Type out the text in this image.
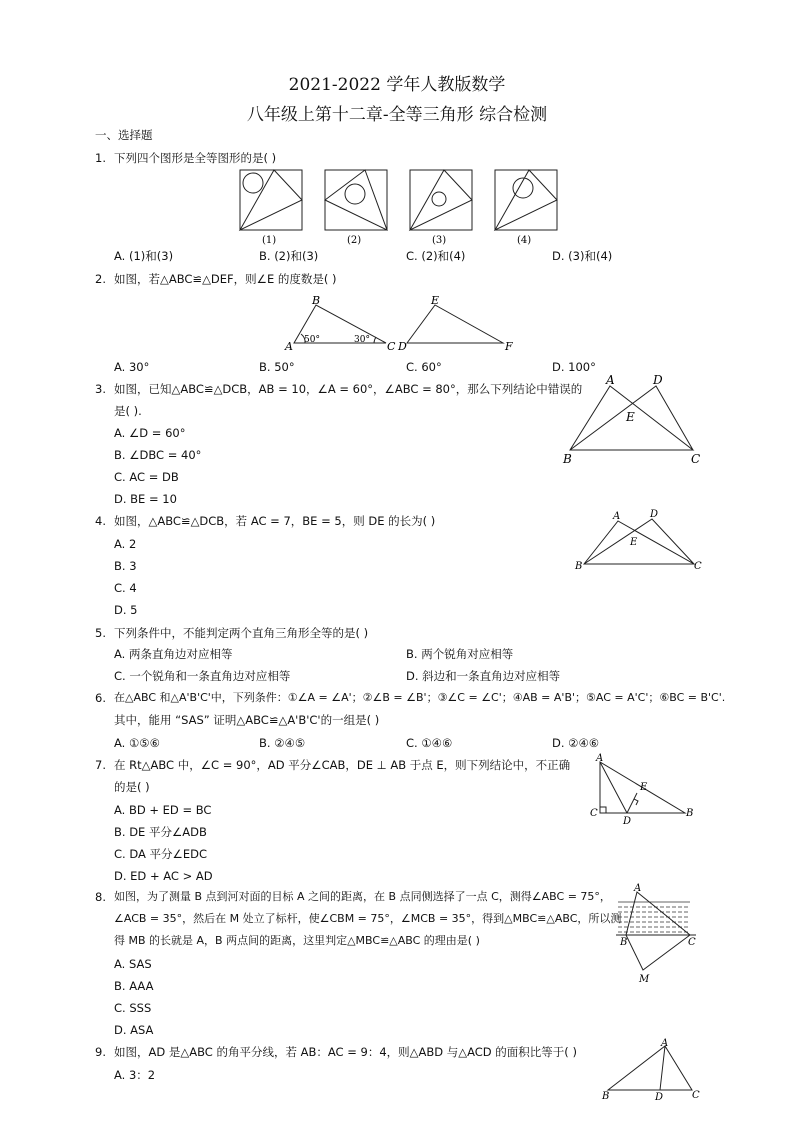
2021-2022 学年人教版数学
八年级上第十二章-全等三角形 综合检测
一、选择题
1. 下列四个图形是全等图形的是( )
(1)	(2)	(3)	(4)
A. (1)和(3)	B. (2)和(3)	C. (2)和(4)	D. (3)和(4)
2. 如图，若△ABC≌△DEF，则∠E 的度数是( )
B
A	C
50°	30°
E
D	F
A. 30°	B. 50°	C. 60°	D. 100°
3. 如图，已知△ABC≌△DCB，AB = 10，∠A = 60°，∠ABC = 80°，那么下列结论中错误的
是( ).
A. ∠D = 60°
B. ∠DBC = 40°
C. AC = DB
D. BE = 10
A	D
E
B	C
4. 如图，△ABC≌△DCB，若 AC = 7，BE = 5，则 DE 的长为( )
A. 2
B. 3
C. 4
D. 5
A	D
E
B	C
5. 下列条件中，不能判定两个直角三角形全等的是( )
A. 两条直角边对应相等	B. 两个锐角对应相等
C. 一个锐角和一条直角边对应相等	D. 斜边和一条直角边对应相等
6. 在△ABC 和△A'B'C'中，下列条件：①∠A = ∠A'；②∠B = ∠B'；③∠C = ∠C'；④AB = A'B'；⑤AC = A'C'；⑥BC = B'C'.
其中，能用 “SAS” 证明△ABC≌△A'B'C'的一组是( )
A. ①⑤⑥	B. ②④⑤	C. ①④⑥	D. ②④⑥
7. 在 Rt△ABC 中，∠C = 90°，AD 平分∠CAB，DE ⊥ AB 于点 E，则下列结论中，不正确
的是( )
A. BD + ED = BC
B. DE 平分∠ADB
C. DA 平分∠EDC
D. ED + AC > AD
A
E
C
D
B
8. 如图，为了测量 B 点到河对面的目标 A 之间的距离，在 B 点同侧选择了一点 C，测得∠ABC = 75°，
∠ACB = 35°，然后在 M 处立了标杆，使∠CBM = 75°，∠MCB = 35°，得到△MBC≌△ABC，所以测
得 MB 的长就是 A，B 两点间的距离，这里判定△MBC≌△ABC 的理由是( )
A. SAS
B. AAA
C. SSS
D. ASA
A
B	C
M
9. 如图，AD 是△ABC 的角平分线，若 AB：AC = 9：4，则△ABD 与△ACD 的面积比等于( )
A. 3：2
A
B	D	C
